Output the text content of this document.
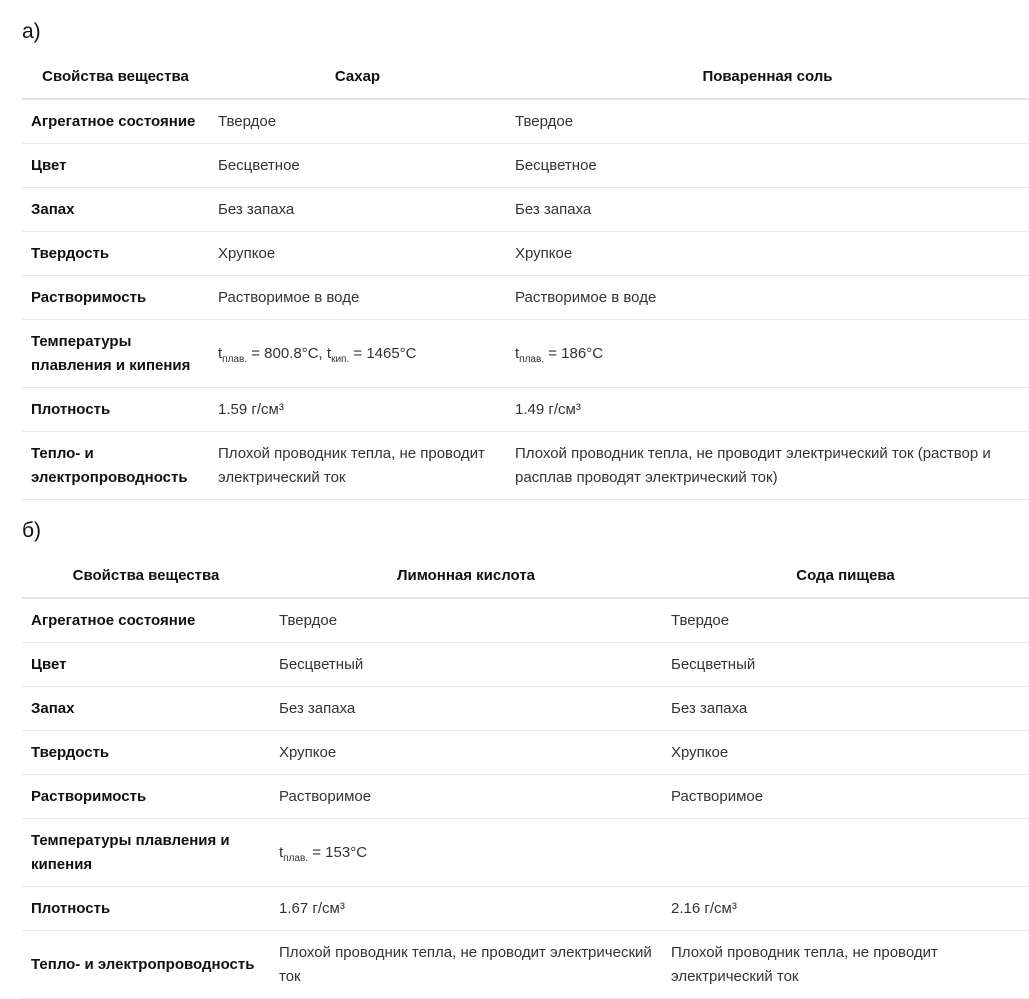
а)
Свойства вещества	Сахар	Поваренная соль
Агрегатное состояние	Твердое	Твердое
Цвет	Бесцветное	Бесцветное
Запах	Без запаха	Без запаха
Твердость	Хрупкое	Хрупкое
Растворимость	Растворимое в воде	Растворимое в воде
Температуры плавления и кипения	$t_{плав.} = 800.8^\circ C$, $t_{кип.} = 1465^\circ C$	$t_{плав.} = 186^\circ C$
Плотность	1.59 г/см³	1.49 г/см³
Тепло- и электропроводность	Плохой проводник тепла, не проводит электрический ток	Плохой проводник тепла, не проводит электрический ток (раствор и расплав проводят электрический ток)
б)
Свойства вещества	Лимонная кислота	Сода пищева
Агрегатное состояние	Твердое	Твердое
Цвет	Бесцветный	Бесцветный
Запах	Без запаха	Без запаха
Твердость	Хрупкое	Хрупкое
Растворимость	Растворимое	Растворимое
Температуры плавления и кипения	$t_{плав.} = 153^\circ C$	
Плотность	1.67 г/см³	2.16 г/см³
Тепло- и электропроводность	Плохой проводник тепла, не проводит электрический ток	Плохой проводник тепла, не проводит электрический ток
